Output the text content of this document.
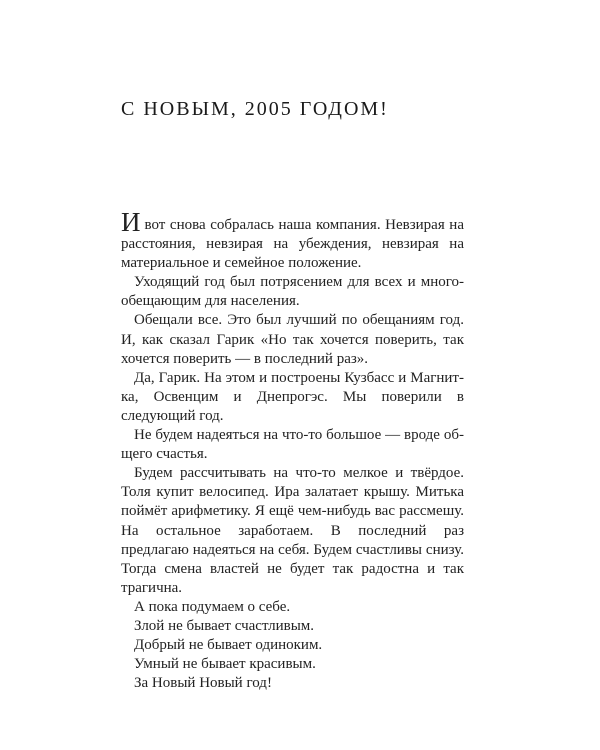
С НОВЫМ, 2005 ГОДОМ!

Ивот снова собралась наша компания. Невзирая на расстояния, невзирая на убеждения, невзирая на материальное и семейное положение.

Уходящий год был потрясением для всех и многообещающим для населения.

Обещали все. Это был лучший по обещаниям год. И, как сказал Гарик «Но так хочется поверить, так хочется поверить — в последний раз».

Да, Гарик. На этом и построены Кузбасс и Магнитка, Освенцим и Днепрогэс. Мы поверили в следующий год.

Не будем надеяться на что-то большое — вроде общего счастья.

Будем рассчитывать на что-то мелкое и твёрдое. Толя купит велосипед. Ира залатает крышу. Митька поймёт арифметику. Я ещё чем-нибудь вас рассмешу. На остальное заработаем. В последний раз предлагаю надеяться на себя. Будем счастливы снизу. Тогда смена властей не будет так радостна и так трагична.

А пока подумаем о себе.

Злой не бывает счастливым.

Добрый не бывает одиноким.

Умный не бывает красивым.

За Новый Новый год!
